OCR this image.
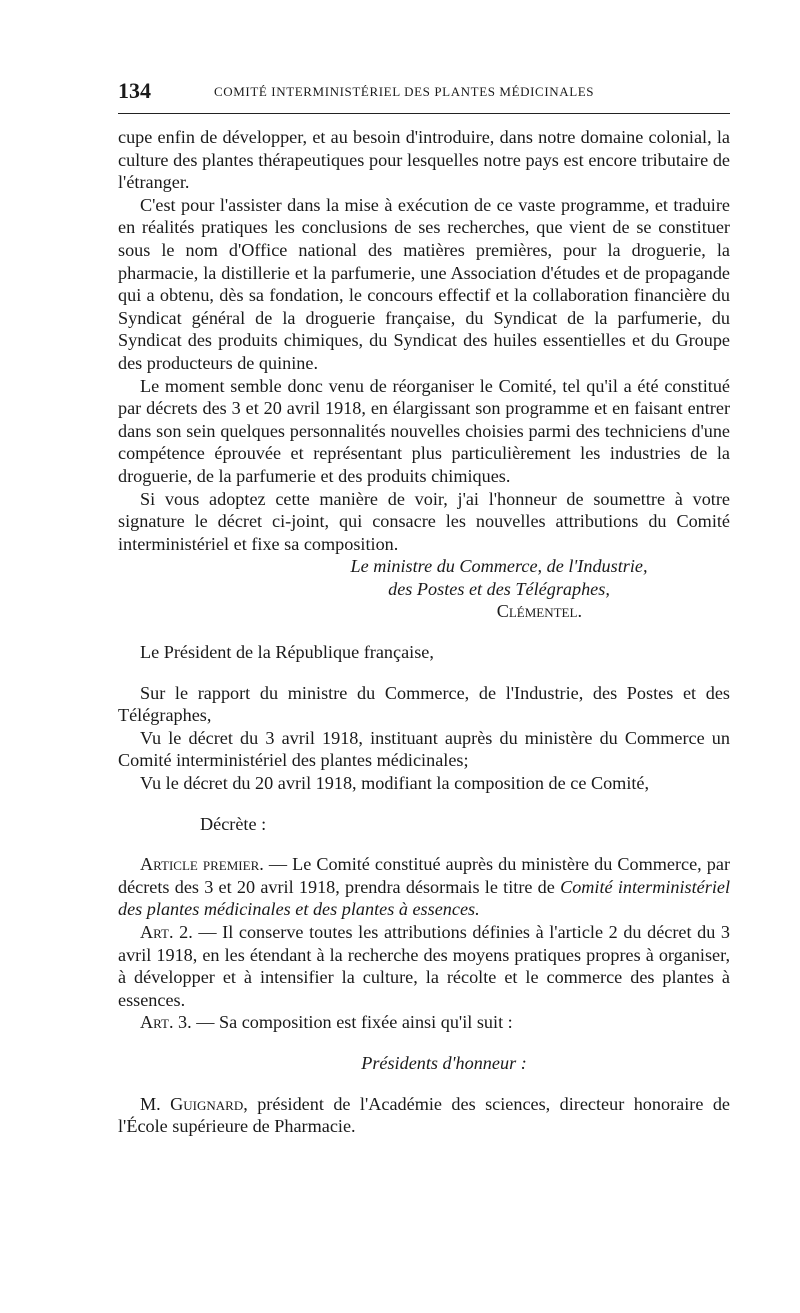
134	COMITÉ INTERMINISTÉRIEL DES PLANTES MÉDICINALES

cupe enfin de développer, et au besoin d'introduire, dans notre domaine colonial, la culture des plantes thérapeutiques pour lesquelles notre pays est encore tributaire de l'étranger.

C'est pour l'assister dans la mise à exécution de ce vaste programme, et traduire en réalités pratiques les conclusions de ses recherches, que vient de se constituer sous le nom d'Office national des matières premières, pour la droguerie, la pharmacie, la distillerie et la parfumerie, une Association d'études et de propagande qui a obtenu, dès sa fondation, le concours effectif et la collaboration financière du Syndicat général de la droguerie française, du Syndicat de la parfumerie, du Syndicat des produits chimiques, du Syndicat des huiles essentielles et du Groupe des producteurs de quinine.

Le moment semble donc venu de réorganiser le Comité, tel qu'il a été constitué par décrets des 3 et 20 avril 1918, en élargissant son programme et en faisant entrer dans son sein quelques personnalités nouvelles choisies parmi des techniciens d'une compétence éprouvée et représentant plus particulièrement les industries de la droguerie, de la parfumerie et des produits chimiques.

Si vous adoptez cette manière de voir, j'ai l'honneur de soumettre à votre signature le décret ci-joint, qui consacre les nouvelles attributions du Comité interministériel et fixe sa composition.

Le ministre du Commerce, de l'Industrie,

des Postes et des Télégraphes,

Clémentel.

Le Président de la République française,

Sur le rapport du ministre du Commerce, de l'Industrie, des Postes et des Télégraphes,

Vu le décret du 3 avril 1918, instituant auprès du ministère du Commerce un Comité interministériel des plantes médicinales;

Vu le décret du 20 avril 1918, modifiant la composition de ce Comité,

Décrète :

Article premier. — Le Comité constitué auprès du ministère du Commerce, par décrets des 3 et 20 avril 1918, prendra désormais le titre de Comité interministériel des plantes médicinales et des plantes à essences.

Art. 2. — Il conserve toutes les attributions définies à l'article 2 du décret du 3 avril 1918, en les étendant à la recherche des moyens pratiques propres à organiser, à développer et à intensifier la culture, la récolte et le commerce des plantes à essences.

Art. 3. — Sa composition est fixée ainsi qu'il suit :

Présidents d'honneur :

M. Guignard, président de l'Académie des sciences, directeur honoraire de l'École supérieure de Pharmacie.
